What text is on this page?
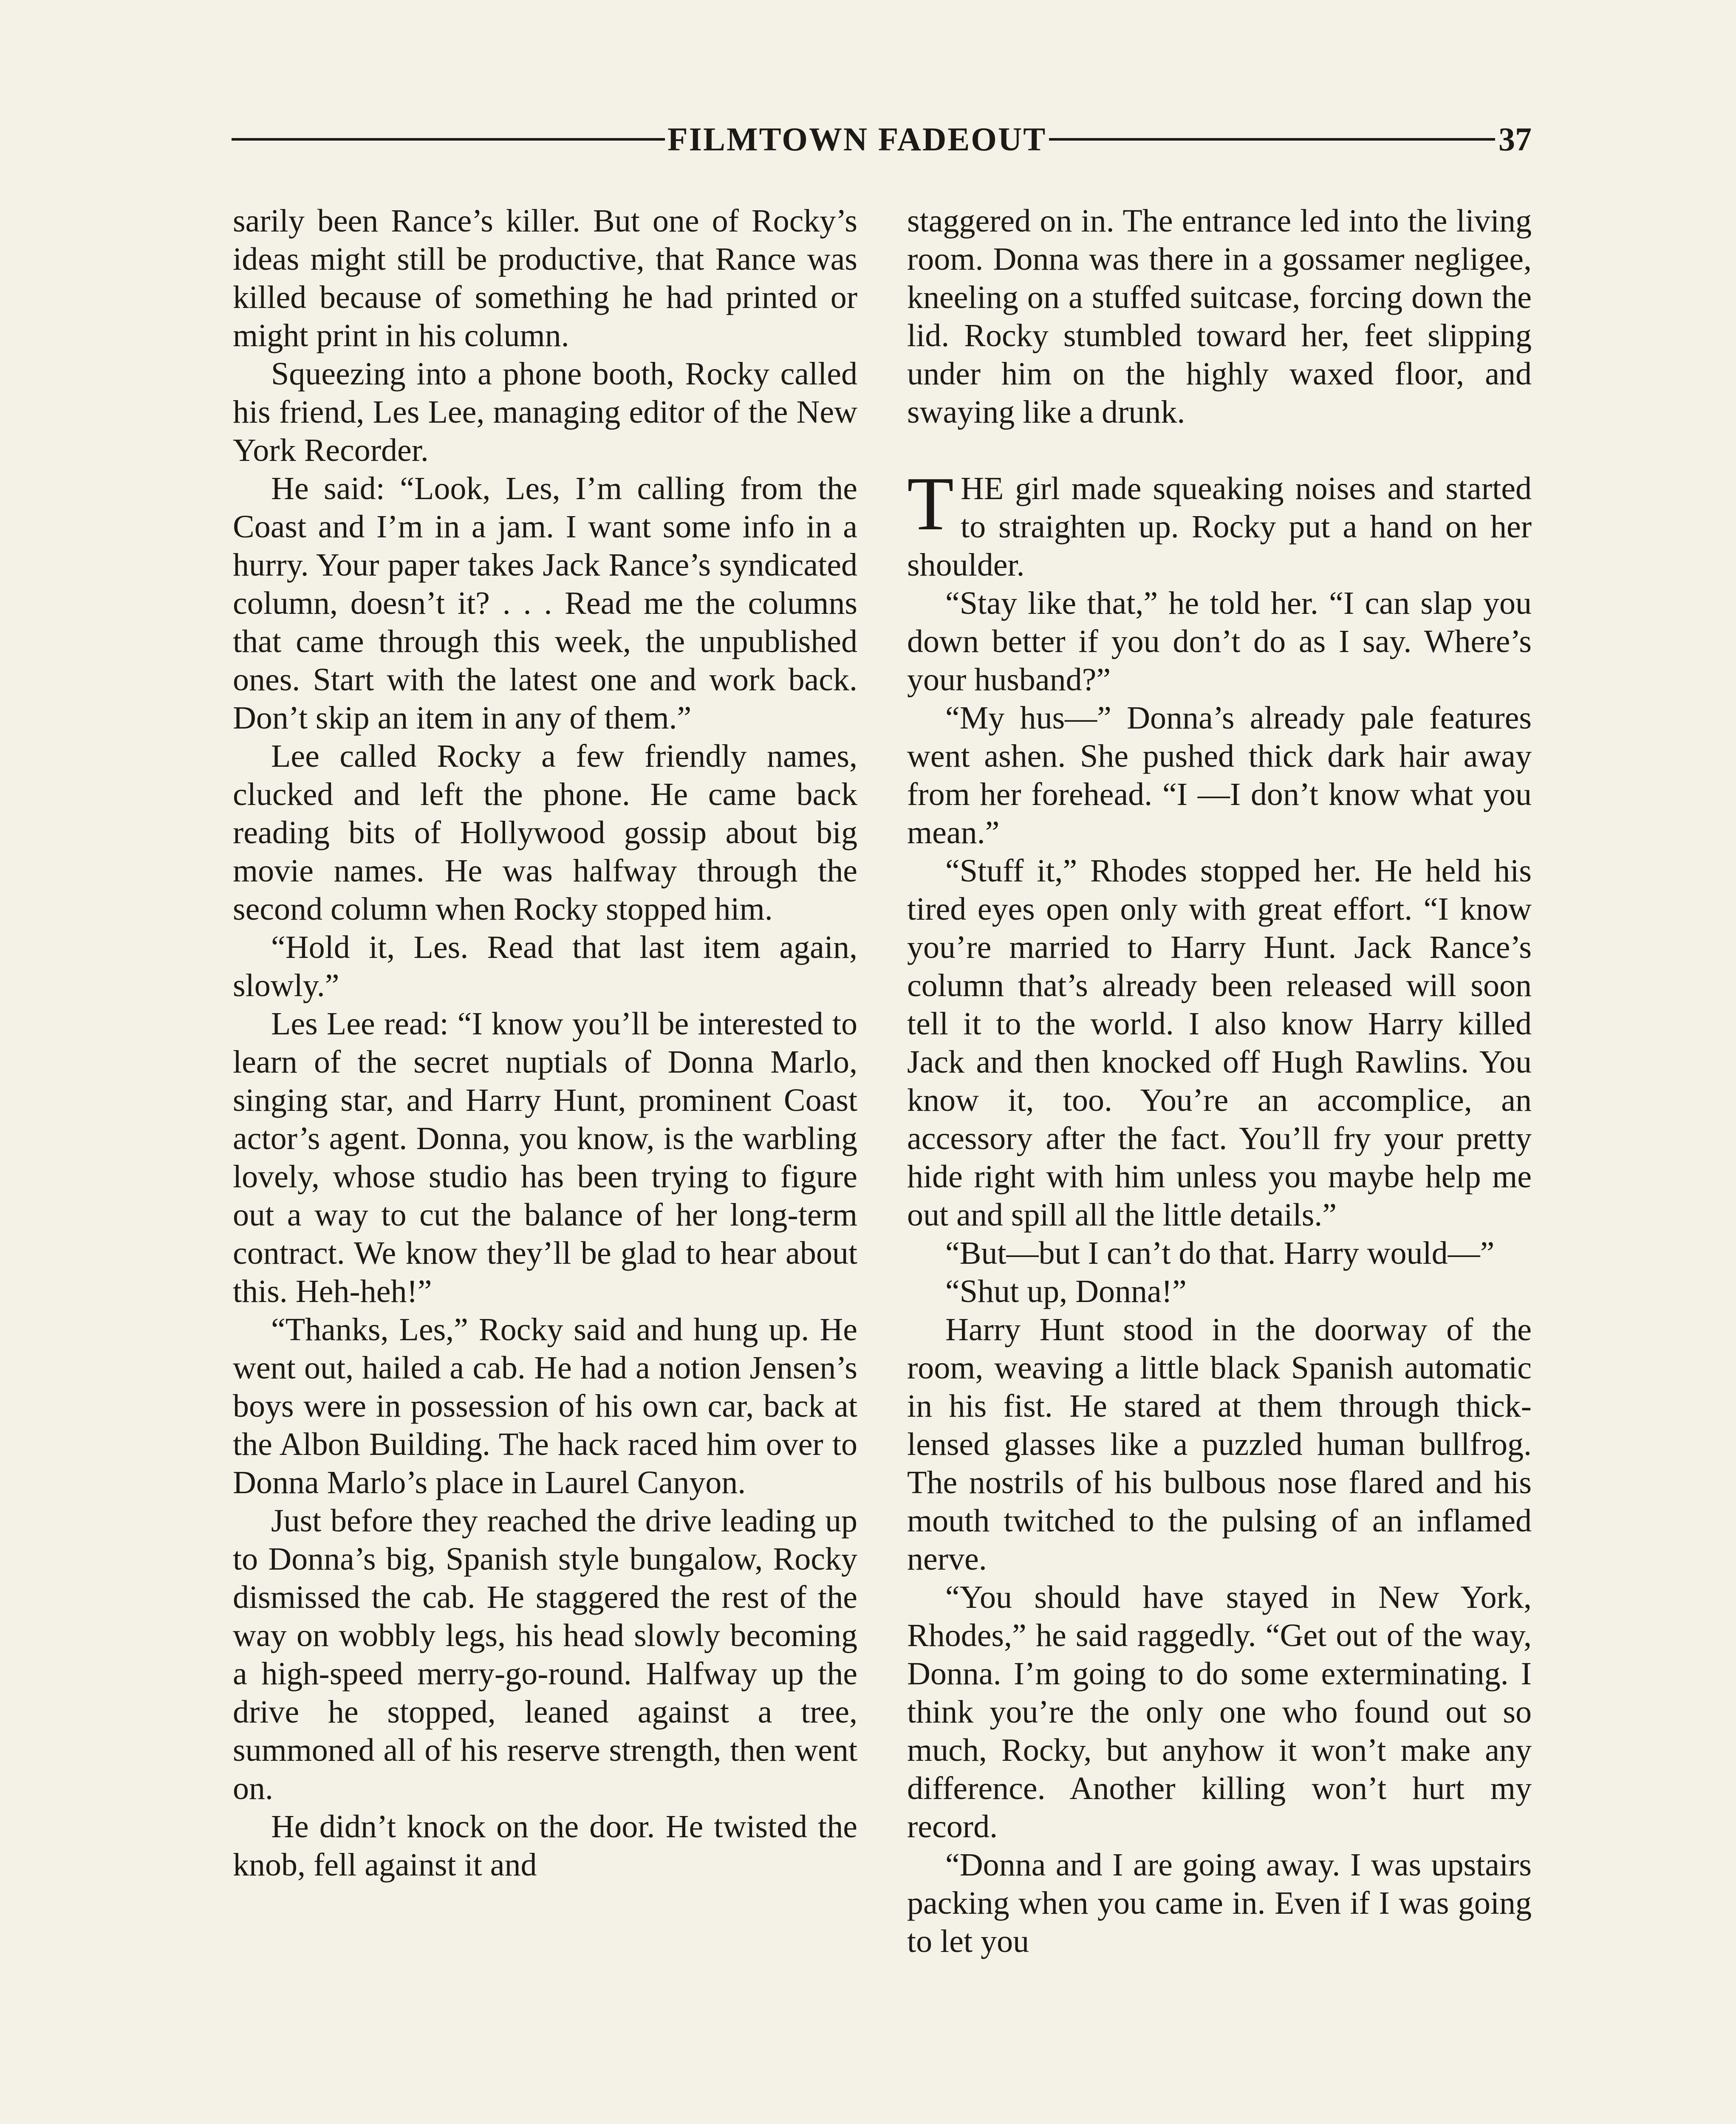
FILMTOWN FADEOUT	37

sarily been Rance’s killer. But one of Rocky’s ideas might still be productive, that Rance was killed because of something he had printed or might print in his column.

Squeezing into a phone booth, Rocky called his friend, Les Lee, managing editor of the New York Recorder.

He said: “Look, Les, I’m calling from the Coast and I’m in a jam. I want some info in a hurry. Your paper takes Jack Rance’s syndicated column, doesn’t it? . . . Read me the columns that came through this week, the unpublished ones. Start with the latest one and work back. Don’t skip an item in any of them.”

Lee called Rocky a few friendly names, clucked and left the phone. He came back reading bits of Hollywood gossip about big movie names. He was halfway through the second column when Rocky stopped him.

“Hold it, Les. Read that last item again, slowly.”

Les Lee read: “I know you’ll be interested to learn of the secret nuptials of Donna Marlo, singing star, and Harry Hunt, prominent Coast actor’s agent. Donna, you know, is the warbling lovely, whose studio has been trying to figure out a way to cut the balance of her long-term contract. We know they’ll be glad to hear about this. Heh-heh!”

“Thanks, Les,” Rocky said and hung up. He went out, hailed a cab. He had a notion Jensen’s boys were in possession of his own car, back at the Albon Building. The hack raced him over to Donna Marlo’s place in Laurel Canyon.

Just before they reached the drive leading up to Donna’s big, Spanish style bungalow, Rocky dismissed the cab. He staggered the rest of the way on wobbly legs, his head slowly becoming a high-speed merry-go-round. Halfway up the drive he stopped, leaned against a tree, summoned all of his reserve strength, then went on.

He didn’t knock on the door. He twisted the knob, fell against it and

staggered on in. The entrance led into the living room. Donna was there in a gossamer negligee, kneeling on a stuffed suitcase, forcing down the lid. Rocky stumbled toward her, feet slipping under him on the highly waxed floor, and swaying like a drunk.

THE girl made squeaking noises and started to straighten up. Rocky put a hand on her shoulder.

“Stay like that,” he told her. “I can slap you down better if you don’t do as I say. Where’s your husband?”

“My hus—” Donna’s already pale features went ashen. She pushed thick dark hair away from her forehead. “I —I don’t know what you mean.”

“Stuff it,” Rhodes stopped her. He held his tired eyes open only with great effort. “I know you’re married to Harry Hunt. Jack Rance’s column that’s already been released will soon tell it to the world. I also know Harry killed Jack and then knocked off Hugh Rawlins. You know it, too. You’re an accomplice, an accessory after the fact. You’ll fry your pretty hide right with him unless you maybe help me out and spill all the little details.”

“But—but I can’t do that. Harry would—”

“Shut up, Donna!”

Harry Hunt stood in the doorway of the room, weaving a little black Spanish automatic in his fist. He stared at them through thick-lensed glasses like a puzzled human bullfrog. The nostrils of his bulbous nose flared and his mouth twitched to the pulsing of an inflamed nerve.

“You should have stayed in New York, Rhodes,” he said raggedly. “Get out of the way, Donna. I’m going to do some exterminating. I think you’re the only one who found out so much, Rocky, but anyhow it won’t make any difference. Another killing won’t hurt my record.

“Donna and I are going away. I was upstairs packing when you came in. Even if I was going to let you
